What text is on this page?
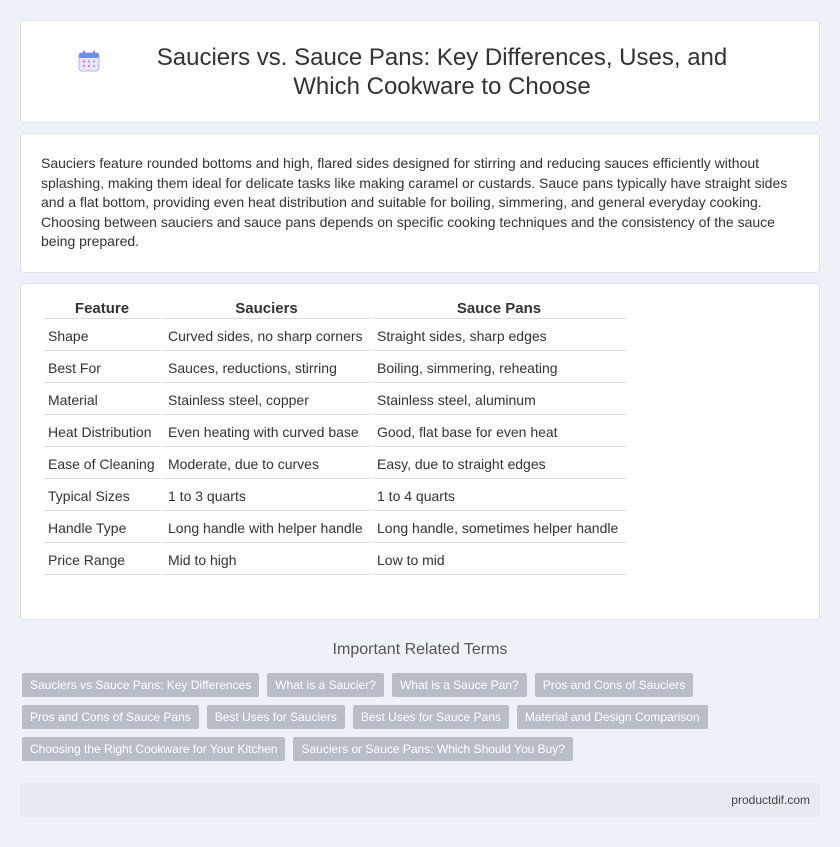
Sauciers vs. Sauce Pans: Key Differences, Uses, and Which Cookware to Choose

Sauciers feature rounded bottoms and high, flared sides designed for stirring and reducing sauces efficiently without splashing, making them ideal for delicate tasks like making caramel or custards. Sauce pans typically have straight sides and a flat bottom, providing even heat distribution and suitable for boiling, simmering, and general everyday cooking. Choosing between sauciers and sauce pans depends on specific cooking techniques and the consistency of the sauce being prepared.

Feature	Sauciers	Sauce Pans
Shape	Curved sides, no sharp corners	Straight sides, sharp edges
Best For	Sauces, reductions, stirring	Boiling, simmering, reheating
Material	Stainless steel, copper	Stainless steel, aluminum
Heat Distribution	Even heating with curved base	Good, flat base for even heat
Ease of Cleaning	Moderate, due to curves	Easy, due to straight edges
Typical Sizes	1 to 3 quarts	1 to 4 quarts
Handle Type	Long handle with helper handle	Long handle, sometimes helper handle
Price Range	Mid to high	Low to mid
Important Related Terms
Sauciers vs Sauce Pans: Key Differences	What is a Saucier?	What is a Sauce Pan?	Pros and Cons of Sauciers
Pros and Cons of Sauce Pans	Best Uses for Sauciers	Best Uses for Sauce Pans	Material and Design Comparison
Choosing the Right Cookware for Your Kitchen	Sauciers or Sauce Pans: Which Should You Buy?
productdif.com
